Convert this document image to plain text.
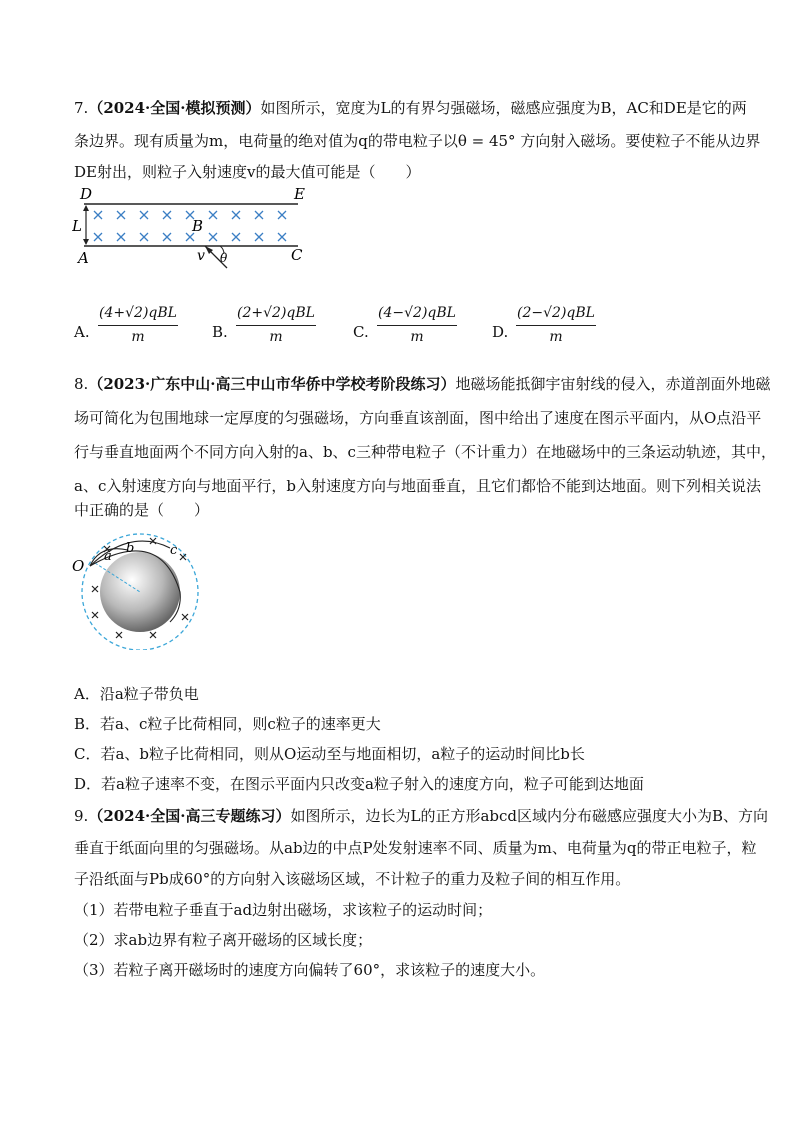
7.（2024·全国·模拟预测）如图所示，宽度为L的有界匀强磁场，磁感应强度为B，AC和DE是它的两
条边界。现有质量为m，电荷量的绝对值为q的带电粒子以θ = 45° 方向射入磁场。要使粒子不能从边界
DE射出，则粒子入射速度v的最大值可能是（　　）
D	E
L	B
A	C
v θ
A.
(4+√2)qBL
m	B.
(2+√2)qBL
m	C.
(4−√2)qBL
m	D.
(2−√2)qBL
m
8.（2023·广东中山·高三中山市华侨中学校考阶段练习）地磁场能抵御宇宙射线的侵入，赤道剖面外地磁
场可简化为包围地球一定厚度的匀强磁场，方向垂直该剖面，图中给出了速度在图示平面内，从O点沿平
行与垂直地面两个不同方向入射的a、b、c三种带电粒子（不计重力）在地磁场中的三条运动轨迹，其中，
a、c入射速度方向与地面平行，b入射速度方向与地面垂直，且它们都恰不能到达地面。则下列相关说法
中正确的是（　　）
O
a
b	c
A．沿a粒子带负电
B．若a、c粒子比荷相同，则c粒子的速率更大
C．若a、b粒子比荷相同，则从O运动至与地面相切，a粒子的运动时间比b长
D．若a粒子速率不变，在图示平面内只改变a粒子射入的速度方向，粒子可能到达地面
9.（2024·全国·高三专题练习）如图所示，边长为L的正方形abcd区域内分布磁感应强度大小为B、方向
垂直于纸面向里的匀强磁场。从ab边的中点P处发射速率不同、质量为m、电荷量为q的带正电粒子，粒
子沿纸面与Pb成60°的方向射入该磁场区域，不计粒子的重力及粒子间的相互作用。
（1）若带电粒子垂直于ad边射出磁场，求该粒子的运动时间；
（2）求ab边界有粒子离开磁场的区域长度；
（3）若粒子离开磁场时的速度方向偏转了60°，求该粒子的速度大小。
